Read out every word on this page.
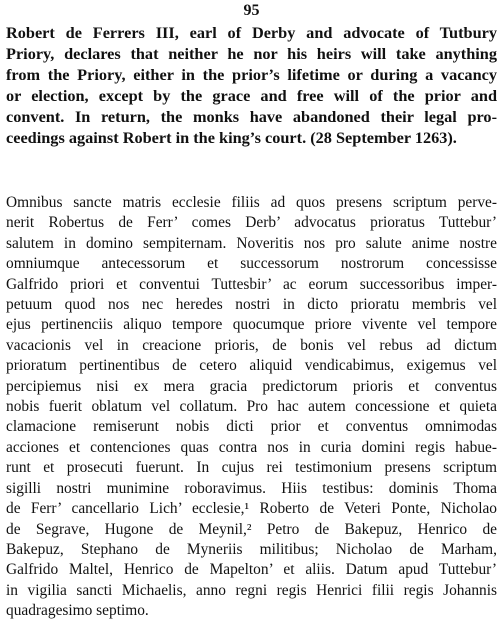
95
Robert de Ferrers III, earl of Derby and advocate of Tutbury
Priory, declares that neither he nor his heirs will take anything
from the Priory, either in the prior’s lifetime or during a vacancy
or election, except by the grace and free will of the prior and
convent. In return, the monks have abandoned their legal pro-
ceedings against Robert in the king’s court. (28 September 1263).
Omnibus sancte matris ecclesie filiis ad quos presens scriptum perve-
nerit Robertus de Ferr’ comes Derb’ advocatus prioratus Tuttebur’
salutem in domino sempiternam. Noveritis nos pro salute anime nostre
omniumque antecessorum et successorum nostrorum concessisse
Galfrido priori et conventui Tuttesbir’ ac eorum successoribus imper-
petuum quod nos nec heredes nostri in dicto prioratu membris vel
ejus pertinenciis aliquo tempore quocumque priore vivente vel tempore
vacacionis vel in creacione prioris, de bonis vel rebus ad dictum
prioratum pertinentibus de cetero aliquid vendicabimus, exigemus vel
percipiemus nisi ex mera gracia predictorum prioris et conventus
nobis fuerit oblatum vel collatum. Pro hac autem concessione et quieta
clamacione remiserunt nobis dicti prior et conventus omnimodas
acciones et contenciones quas contra nos in curia domini regis habue-
runt et prosecuti fuerunt. In cujus rei testimonium presens scriptum
sigilli nostri munimine roboravimus. Hiis testibus: dominis Thoma
de Ferr’ cancellario Lich’ ecclesie,¹ Roberto de Veteri Ponte, Nicholao
de Segrave, Hugone de Meynil,² Petro de Bakepuz, Henrico de
Bakepuz, Stephano de Myneriis militibus; Nicholao de Marham,
Galfrido Maltel, Henrico de Mapelton’ et aliis. Datum apud Tuttebur’
in vigilia sancti Michaelis, anno regni regis Henrici filii regis Johannis
quadragesimo septimo.
